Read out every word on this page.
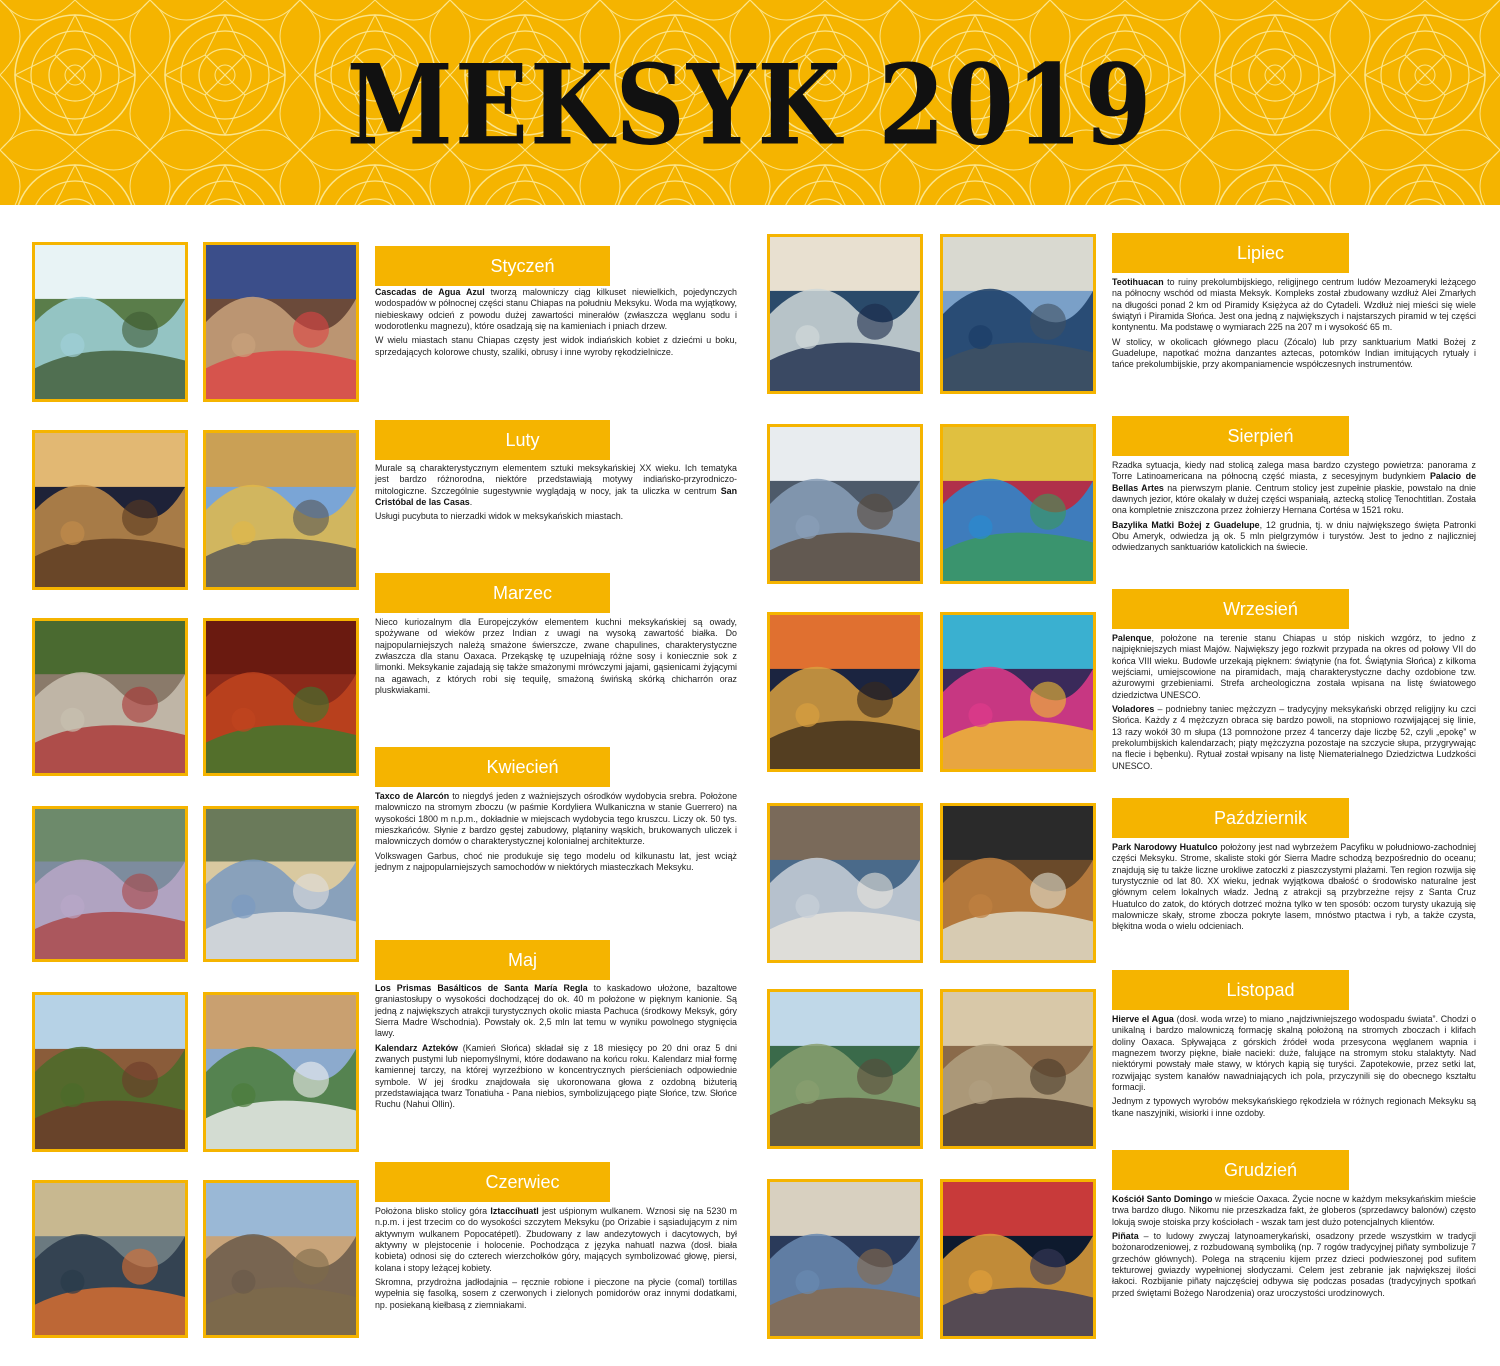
MEKSYK 2019
Styczeń

Cascadas de Agua Azul tworzą malowniczy ciąg kilkuset niewielkich, pojedynczych wodospadów w północnej części stanu Chiapas na południu Meksyku. Woda ma wyjątkowy, niebieskawy odcień z powodu dużej zawartości minerałów (zwłaszcza węglanu sodu i wodorotlenku magnezu), które osadzają się na kamieniach i pniach drzew.

W wielu miastach stanu Chiapas częsty jest widok indiańskich kobiet z dziećmi u boku, sprzedających kolorowe chusty, szaliki, obrusy i inne wyroby rękodzielnicze.

Luty

Murale są charakterystycznym elementem sztuki meksykańskiej XX wieku. Ich tematyka jest bardzo różnorodna, niektóre przedstawiają motywy indiańsko-przyrodniczo-mitologiczne. Szczególnie sugestywnie wyglądają w nocy, jak ta uliczka w centrum San Cristóbal de las Casas.

Usługi pucybuta to nierzadki widok w meksykańskich miastach.

Marzec

Nieco kuriozalnym dla Europejczyków elementem kuchni meksykańskiej są owady, spożywane od wieków przez Indian z uwagi na wysoką zawartość białka. Do najpopularniejszych należą smażone świerszcze, zwane chapulines, charakterystyczne zwłaszcza dla stanu Oaxaca. Przekąskę tę uzupełniają różne sosy i koniecznie sok z limonki. Meksykanie zajadają się także smażonymi mrówczymi jajami, gąsienicami żyjącymi na agawach, z których robi się tequilę, smażoną świńską skórką chicharrón oraz pluskwiakami.

Kwiecień

Taxco de Alarcón to niegdyś jeden z ważniejszych ośrodków wydobycia srebra. Położone malowniczo na stromym zboczu (w paśmie Kordyliera Wulkaniczna w stanie Guerrero) na wysokości 1800 m n.p.m., dokładnie w miejscach wydobycia tego kruszcu. Liczy ok. 50 tys. mieszkańców. Słynie z bardzo gęstej zabudowy, plątaniny wąskich, brukowanych uliczek i malowniczych domów o charakterystycznej kolonialnej architekturze.

Volkswagen Garbus, choć nie produkuje się tego modelu od kilkunastu lat, jest wciąż jednym z najpopularniejszych samochodów w niektórych miasteczkach Meksyku.

Maj

Los Prismas Basálticos de Santa María Regla to kaskadowo ułożone, bazaltowe graniastosłupy o wysokości dochodzącej do ok. 40 m położone w pięknym kanionie. Są jedną z największych atrakcji turystycznych okolic miasta Pachuca (środkowy Meksyk, góry Sierra Madre Wschodnia). Powstały ok. 2,5 mln lat temu w wyniku powolnego stygnięcia lawy.

Kalendarz Azteków (Kamień Słońca) składał się z 18 miesięcy po 20 dni oraz 5 dni zwanych pustymi lub niepomyślnymi, które dodawano na końcu roku. Kalendarz miał formę kamiennej tarczy, na której wyrzeźbiono w koncentrycznych pierścieniach odpowiednie symbole. W jej środku znajdowała się ukoronowana głowa z ozdobną biżuterią przedstawiająca twarz Tonatiuha - Pana niebios, symbolizującego piąte Słońce, tzw. Słońce Ruchu (Nahui Ollin).

Czerwiec

Położona blisko stolicy góra Iztaccíhuatl jest uśpionym wulkanem. Wznosi się na 5230 m n.p.m. i jest trzecim co do wysokości szczytem Meksyku (po Orizabie i sąsiadującym z nim aktywnym wulkanem Popocatépetl). Zbudowany z law andezytowych i dacytowych, był aktywny w plejstocenie i holocenie. Pochodząca z języka nahuatl nazwa (dosł. biała kobieta) odnosi się do czterech wierzchołków góry, mających symbolizować głowę, piersi, kolana i stopy leżącej kobiety.

Skromna, przydrożna jadłodajnia – ręcznie robione i pieczone na płycie (comal) tortillas wypełnia się fasolką, sosem z czerwonych i zielonych pomidorów oraz innymi dodatkami, np. posiekaną kiełbasą z ziemniakami.

Lipiec

Teotihuacan to ruiny prekolumbijskiego, religijnego centrum ludów Mezoameryki leżącego na północny wschód od miasta Meksyk. Kompleks został zbudowany wzdłuż Alei Zmarłych na długości ponad 2 km od Piramidy Księżyca aż do Cytadeli. Wzdłuż niej mieści się wiele świątyń i Piramida Słońca. Jest ona jedną z największych i najstarszych piramid w tej części kontynentu. Ma podstawę o wymiarach 225 na 207 m i wysokość 65 m.

W stolicy, w okolicach głównego placu (Zócalo) lub przy sanktuarium Matki Bożej z Guadelupe, napotkać można danzantes aztecas, potomków Indian imitujących rytuały i tańce prekolumbijskie, przy akompaniamencie współczesnych instrumentów.

Sierpień

Rzadka sytuacja, kiedy nad stolicą zalega masa bardzo czystego powietrza: panorama z Torre Latinoamericana na północną część miasta, z secesyjnym budynkiem Palacio de Bellas Artes na pierwszym planie. Centrum stolicy jest zupełnie płaskie, powstało na dnie dawnych jezior, które okalały w dużej części wspaniałą, aztecką stolicę Tenochtitlan. Została ona kompletnie zniszczona przez żołnierzy Hernana Cortésa w 1521 roku.

Bazylika Matki Bożej z Guadelupe, 12 grudnia, tj. w dniu największego święta Patronki Obu Ameryk, odwiedza ją ok. 5 mln pielgrzymów i turystów. Jest to jedno z najliczniej odwiedzanych sanktuariów katolickich na świecie.

Wrzesień

Palenque, położone na terenie stanu Chiapas u stóp niskich wzgórz, to jedno z najpiękniejszych miast Majów. Największy jego rozkwit przypada na okres od połowy VII do końca VIII wieku. Budowle urzekają pięknem: świątynie (na fot. Świątynia Słońca) z kilkoma wejściami, umiejscowione na piramidach, mają charakterystyczne dachy ozdobione tzw. ażurowymi grzebieniami. Strefa archeologiczna została wpisana na listę światowego dziedzictwa UNESCO.

Voladores – podniebny taniec mężczyzn – tradycyjny meksykański obrzęd religijny ku czci Słońca. Każdy z 4 mężczyzn obraca się bardzo powoli, na stopniowo rozwijającej się linie, 13 razy wokół 30 m słupa (13 pomnożone przez 4 tancerzy daje liczbę 52, czyli „epokę” w prekolumbijskich kalendarzach; piąty mężczyzna pozostaje na szczycie słupa, przygrywając na flecie i bębenku). Rytuał został wpisany na listę Niematerialnego Dziedzictwa Ludzkości UNESCO.

Październik

Park Narodowy Huatulco położony jest nad wybrzeżem Pacyfiku w południowo-zachodniej części Meksyku. Strome, skaliste stoki gór Sierra Madre schodzą bezpośrednio do oceanu; znajdują się tu także liczne urokliwe zatoczki z piaszczystymi plażami. Ten region rozwija się turystycznie od lat 80. XX wieku, jednak wyjątkowa dbałość o środowisko naturalne jest głównym celem lokalnych władz. Jedną z atrakcji są przybrzeżne rejsy z Santa Cruz Huatulco do zatok, do których dotrzeć można tylko w ten sposób: oczom turysty ukazują się malownicze skały, strome zbocza pokryte lasem, mnóstwo ptactwa i ryb, a także czysta, błękitna woda o wielu odcieniach.

Listopad

Hierve el Agua (dosł. woda wrze) to miano „najdziwniejszego wodospadu świata”. Chodzi o unikalną i bardzo malowniczą formację skalną położoną na stromych zboczach i klifach doliny Oaxaca. Spływająca z górskich źródeł woda przesycona węglanem wapnia i magnezem tworzy piękne, białe nacieki: duże, falujące na stromym stoku stalaktyty. Nad niektórymi powstały małe stawy, w których kąpią się turyści. Zapotekowie, przez setki lat, rozwijając system kanałów nawadniających ich pola, przyczynili się do obecnego kształtu formacji.

Jednym z typowych wyrobów meksykańskiego rękodzieła w różnych regionach Meksyku są tkane naszyjniki, wisiorki i inne ozdoby.

Grudzień

Kościół Santo Domingo w mieście Oaxaca. Życie nocne w każdym meksykańskim mieście trwa bardzo długo. Nikomu nie przeszkadza fakt, że globeros (sprzedawcy balonów) często lokują swoje stoiska przy kościołach - wszak tam jest dużo potencjalnych klientów.

Piñata – to ludowy zwyczaj latynoamerykański, osadzony przede wszystkim w tradycji bożonarodzeniowej, z rozbudowaną symboliką (np. 7 rogów tradycyjnej piñaty symbolizuje 7 grzechów głównych). Polega na strąceniu kijem przez dzieci podwieszonej pod sufitem tekturowej gwiazdy wypełnionej słodyczami. Celem jest zebranie jak największej ilości łakoci. Rozbijanie piñaty najczęściej odbywa się podczas posadas (tradycyjnych spotkań przed świętami Bożego Narodzenia) oraz uroczystości urodzinowych.
